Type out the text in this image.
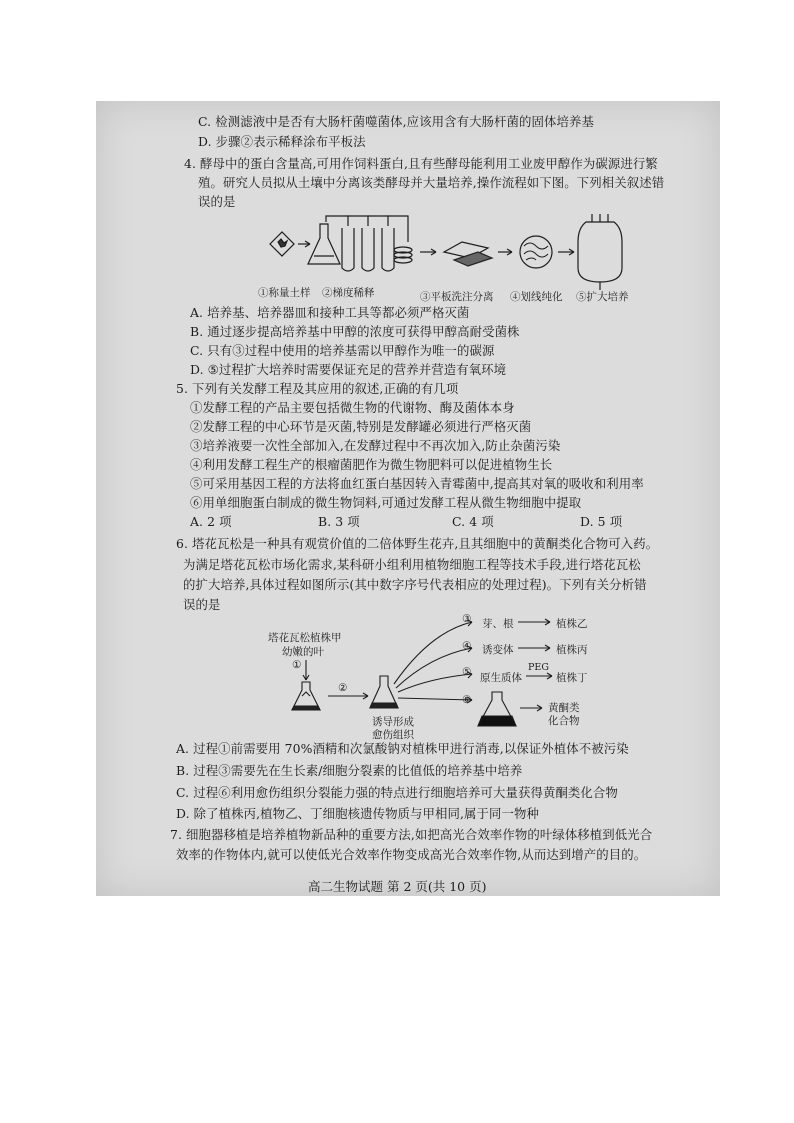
C. 检测滤液中是否有大肠杆菌噬菌体,应该用含有大肠杆菌的固体培养基
D. 步骤②表示稀释涂布平板法
4. 酵母中的蛋白含量高,可用作饲料蛋白,且有些酵母能利用工业废甲醇作为碳源进行繁
殖。研究人员拟从土壤中分离该类酵母并大量培养,操作流程如下图。下列相关叙述错
误的是
①称量土样 ②梯度稀释	③平板洗注分离 ④划线纯化 ⑤扩大培养
A. 培养基、培养器皿和接种工具等都必须严格灭菌
B. 通过逐步提高培养基中甲醇的浓度可获得甲醇高耐受菌株
C. 只有③过程中使用的培养基需以甲醇作为唯一的碳源
D. ⑤过程扩大培养时需要保证充足的营养并营造有氧环境
5. 下列有关发酵工程及其应用的叙述,正确的有几项
①发酵工程的产品主要包括微生物的代谢物、酶及菌体本身
②发酵工程的中心环节是灭菌,特别是发酵罐必须进行严格灭菌
③培养液要一次性全部加入,在发酵过程中不再次加入,防止杂菌污染
④利用发酵工程生产的根瘤菌肥作为微生物肥料可以促进植物生长
⑤可采用基因工程的方法将血红蛋白基因转入青霉菌中,提高其对氧的吸收和利用率
⑥用单细胞蛋白制成的微生物饲料,可通过发酵工程从微生物细胞中提取
A. 2 项	B. 3 项	C. 4 项	D. 5 项
6. 塔花瓦松是一种具有观赏价值的二倍体野生花卉,且其细胞中的黄酮类化合物可入药。
为满足塔花瓦松市场化需求,某科研小组利用植物细胞工程等技术手段,进行塔花瓦松
的扩大培养,具体过程如图所示(其中数字序号代表相应的处理过程)。下列有关分析错
误的是
塔花瓦松植株甲
幼嫩的叶
①
②
诱导形成
愈伤组织
③ 芽、根	植株乙
④ 诱变体	植株丙
⑤ 原生质体
PEG
植株丁
⑥
黄酮类
化合物
A. 过程①前需要用 70%酒精和次氯酸钠对植株甲进行消毒,以保证外植体不被污染
B. 过程③需要先在生长素/细胞分裂素的比值低的培养基中培养
C. 过程⑥利用愈伤组织分裂能力强的特点进行细胞培养可大量获得黄酮类化合物
D. 除了植株丙,植物乙、丁细胞核遗传物质与甲相同,属于同一物种
7. 细胞器移植是培养植物新品种的重要方法,如把高光合效率作物的叶绿体移植到低光合
效率的作物体内,就可以使低光合效率作物变成高光合效率作物,从而达到增产的目的。
高二生物试题 第 2 页(共 10 页)
